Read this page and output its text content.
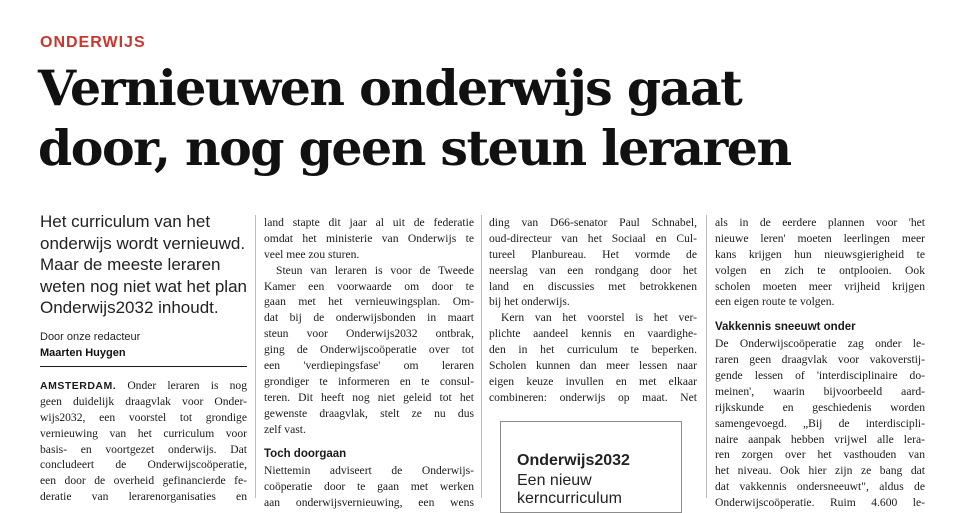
ONDERWIJS
Vernieuwen onderwijs gaat
door, nog geen steun leraren
Het curriculum van het
onderwijs wordt vernieuwd.
Maar de meeste leraren
weten nog niet wat het plan
Onderwijs2032 inhoudt.
Door onze redacteur
Maarten Huygen
AMSTERDAM. Onder leraren is nog
geen duidelijk draagvlak voor Onder-
wijs2032, een voorstel tot grondige
vernieuwing van het curriculum voor
basis- en voortgezet onderwijs. Dat
concludeert de Onderwijscoöperatie,
een door de overheid gefinancierde fe-
deratie van lerarenorganisaties en
land stapte dit jaar al uit de federatie
omdat het ministerie van Onderwijs te
veel mee zou sturen.
Steun van leraren is voor de Tweede
Kamer een voorwaarde om door te
gaan met het vernieuwingsplan. Om-
dat bij de onderwijsbonden in maart
steun voor Onderwijs2032 ontbrak,
ging de Onderwijscoöperatie over tot
een 'verdiepingsfase' om leraren
grondiger te informeren en te consul-
teren. Dit heeft nog niet geleid tot het
gewenste draagvlak, stelt ze nu dus
zelf vast.
Toch doorgaan
Niettemin adviseert de Onderwijs-
coöperatie door te gaan met werken
aan onderwijsvernieuwing, een wens
ding van D66-senator Paul Schnabel,
oud-directeur van het Sociaal en Cul-
tureel Planbureau. Het vormde de
neerslag van een rondgang door het
land en discussies met betrokkenen
bij het onderwijs.
Kern van het voorstel is het ver-
plichte aandeel kennis en vaardighe-
den in het curriculum te beperken.
Scholen kunnen dan meer lessen naar
eigen keuze invullen en met elkaar
combineren: onderwijs op maat. Net
als in de eerdere plannen voor 'het
nieuwe leren' moeten leerlingen meer
kans krijgen hun nieuwsgierigheid te
volgen en zich te ontplooien. Ook
scholen moeten meer vrijheid krijgen
een eigen route te volgen.
Vakkennis sneeuwt onder
De Onderwijscoöperatie zag onder le-
raren geen draagvlak voor vakoverstij-
gende lessen of 'interdisciplinaire do-
meinen', waarin bijvoorbeeld aard-
rijkskunde en geschiedenis worden
samengevoegd. „Bij de interdiscipli-
naire aanpak hebben vrijwel alle lera-
ren zorgen over het vasthouden van
het niveau. Ook hier zijn ze bang dat
dat vakkennis ondersneeuwt", aldus de
Onderwijscoöperatie. Ruim 4.600 le-
Onderwijs2032
Een nieuw
kerncurriculum
